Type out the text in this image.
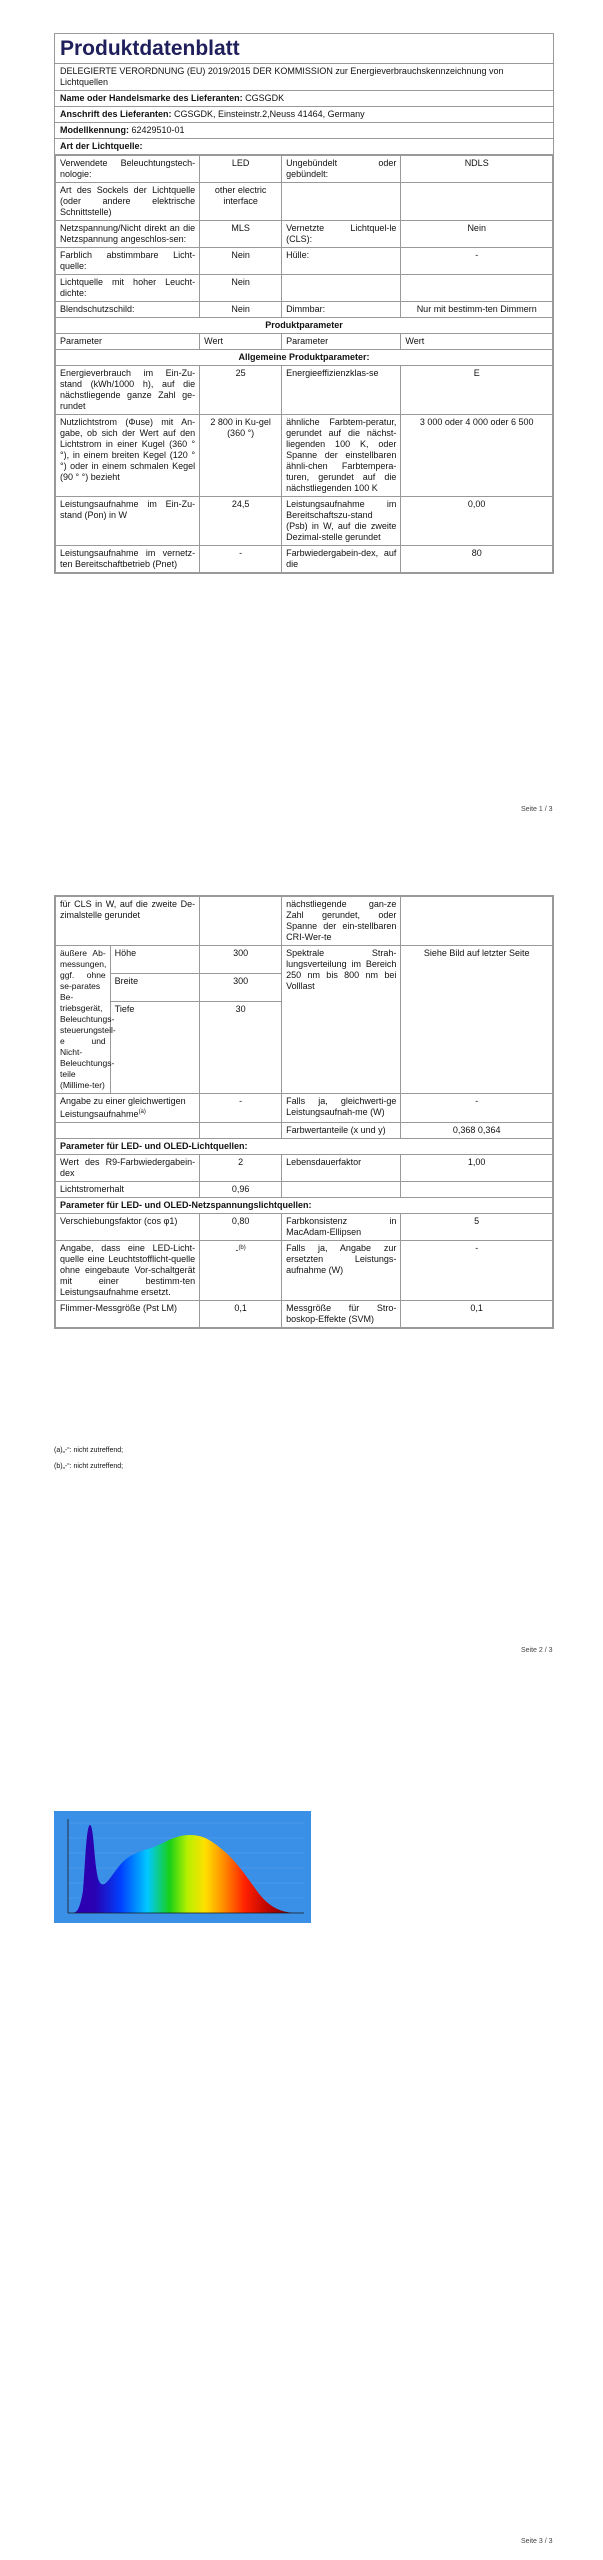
Produktdatenblatt
DELEGIERTE VERORDNUNG (EU) 2019/2015 DER KOMMISSION zur Energieverbrauchskennzeichnung von Lichtquellen
Name oder Handelsmarke des Lieferanten: CGSGDK
Anschrift des Lieferanten: CGSGDK, Einsteinstr.2,Neuss 41464, Germany
Modellkennung: 62429510-01
Art der Lichtquelle:
Verwendete Beleuchtungstech-nologie:	LED	Ungebündelt oder gebündelt:	NDLS
Art des Sockels der Lichtquelle (oder andere elektrische Schnittstelle)	other electric interface		
Netzspannung/Nicht direkt an die Netzspannung angeschlos-sen:	MLS	Vernetzte Lichtquel-le (CLS):	Nein
Farblich abstimmbare Licht-quelle:	Nein	Hülle:	-
Lichtquelle mit hoher Leucht-dichte:	Nein		
Blendschutzschild:	Nein	Dimmbar:	Nur mit bestimm-ten Dimmern
Produktparameter			
Parameter	Wert	Parameter	Wert
Allgemeine Produktparameter:			
Energieverbrauch im Ein-Zu-stand (kWh/1000 h), auf die nächstliegende ganze Zahl ge-rundet	25	Energieeffizienzklas-se	E
Nutzlichtstrom (Φuse) mit An-gabe, ob sich der Wert auf den Lichtstrom in einer Kugel (360 ° °), in einem breiten Kegel (120 ° °) oder in einem schmalen Kegel (90 ° °) bezieht	2 800 in Ku-gel (360 °)	ähnliche Farbtem-peratur, gerundet auf die nächst-liegenden 100 K, oder Spanne der einstellbaren ähnli-chen Farbtempera-turen, gerundet auf die nächstliegenden 100 K	3 000 oder 4 000 oder 6 500
Leistungsaufnahme im Ein-Zu-stand (Pon) in W	24,5	Leistungsaufnahme im Bereitschaftszu-stand (Psb) in W, auf die zweite Dezimal-stelle gerundet	0,00
Leistungsaufnahme im vernetz-ten Bereitschaftbetrieb (Pnet)	-	Farbwiedergabein-dex, auf die	80
Seite 1 / 3
für CLS in W, auf die zweite De-zimalstelle gerundet			nächstliegende gan-ze Zahl gerundet, oder Spanne der ein-stellbaren CRI-Wer-te	
äußere Ab-messungen, ggf. ohne se-parates Be-triebsgerät, Beleuchtungs-steuerungsteil-e und Nicht-Beleuchtungs-teile (Millime-ter)	Höhe	300	Spektrale Strah-lungsverteilung im Bereich 250 nm bis 800 nm bei Volllast	Siehe Bild auf letzter Seite
	Breite	300		
	Tiefe	30		
Angabe zu einer gleichwertigen Leistungsaufnahme$^{(a)}$		-	Falls ja, gleichwerti-ge Leistungsaufnah-me (W)	-
			Farbwertanteile (x und y)	0,368 0,364
Parameter für LED- und OLED-Lichtquellen:				
Wert des R9-Farbwiedergabein-dex		2	Lebensdauerfaktor	1,00
Lichtstromerhalt		0,96		
Parameter für LED- und OLED-Netzspannungslichtquellen:				
Verschiebungsfaktor (cos φ1)		0,80	Farbkonsistenz in MacAdam-Ellipsen	5
Angabe, dass eine LED-Licht-quelle eine Leuchtstofflicht-quelle ohne eingebaute Vor-schaltgerät mit einer bestimm-ten Leistungsaufnahme ersetzt.		-$^{(b)}$	Falls ja, Angabe zur ersetzten Leistungs-aufnahme (W)	-
Flimmer-Messgröße (Pst LM)		0,1	Messgröße für Stro-boskop-Effekte (SVM)	0,1
(a)„-“: nicht zutreffend;
(b)„-“: nicht zutreffend;
Seite 2 / 3
Seite 3 / 3
